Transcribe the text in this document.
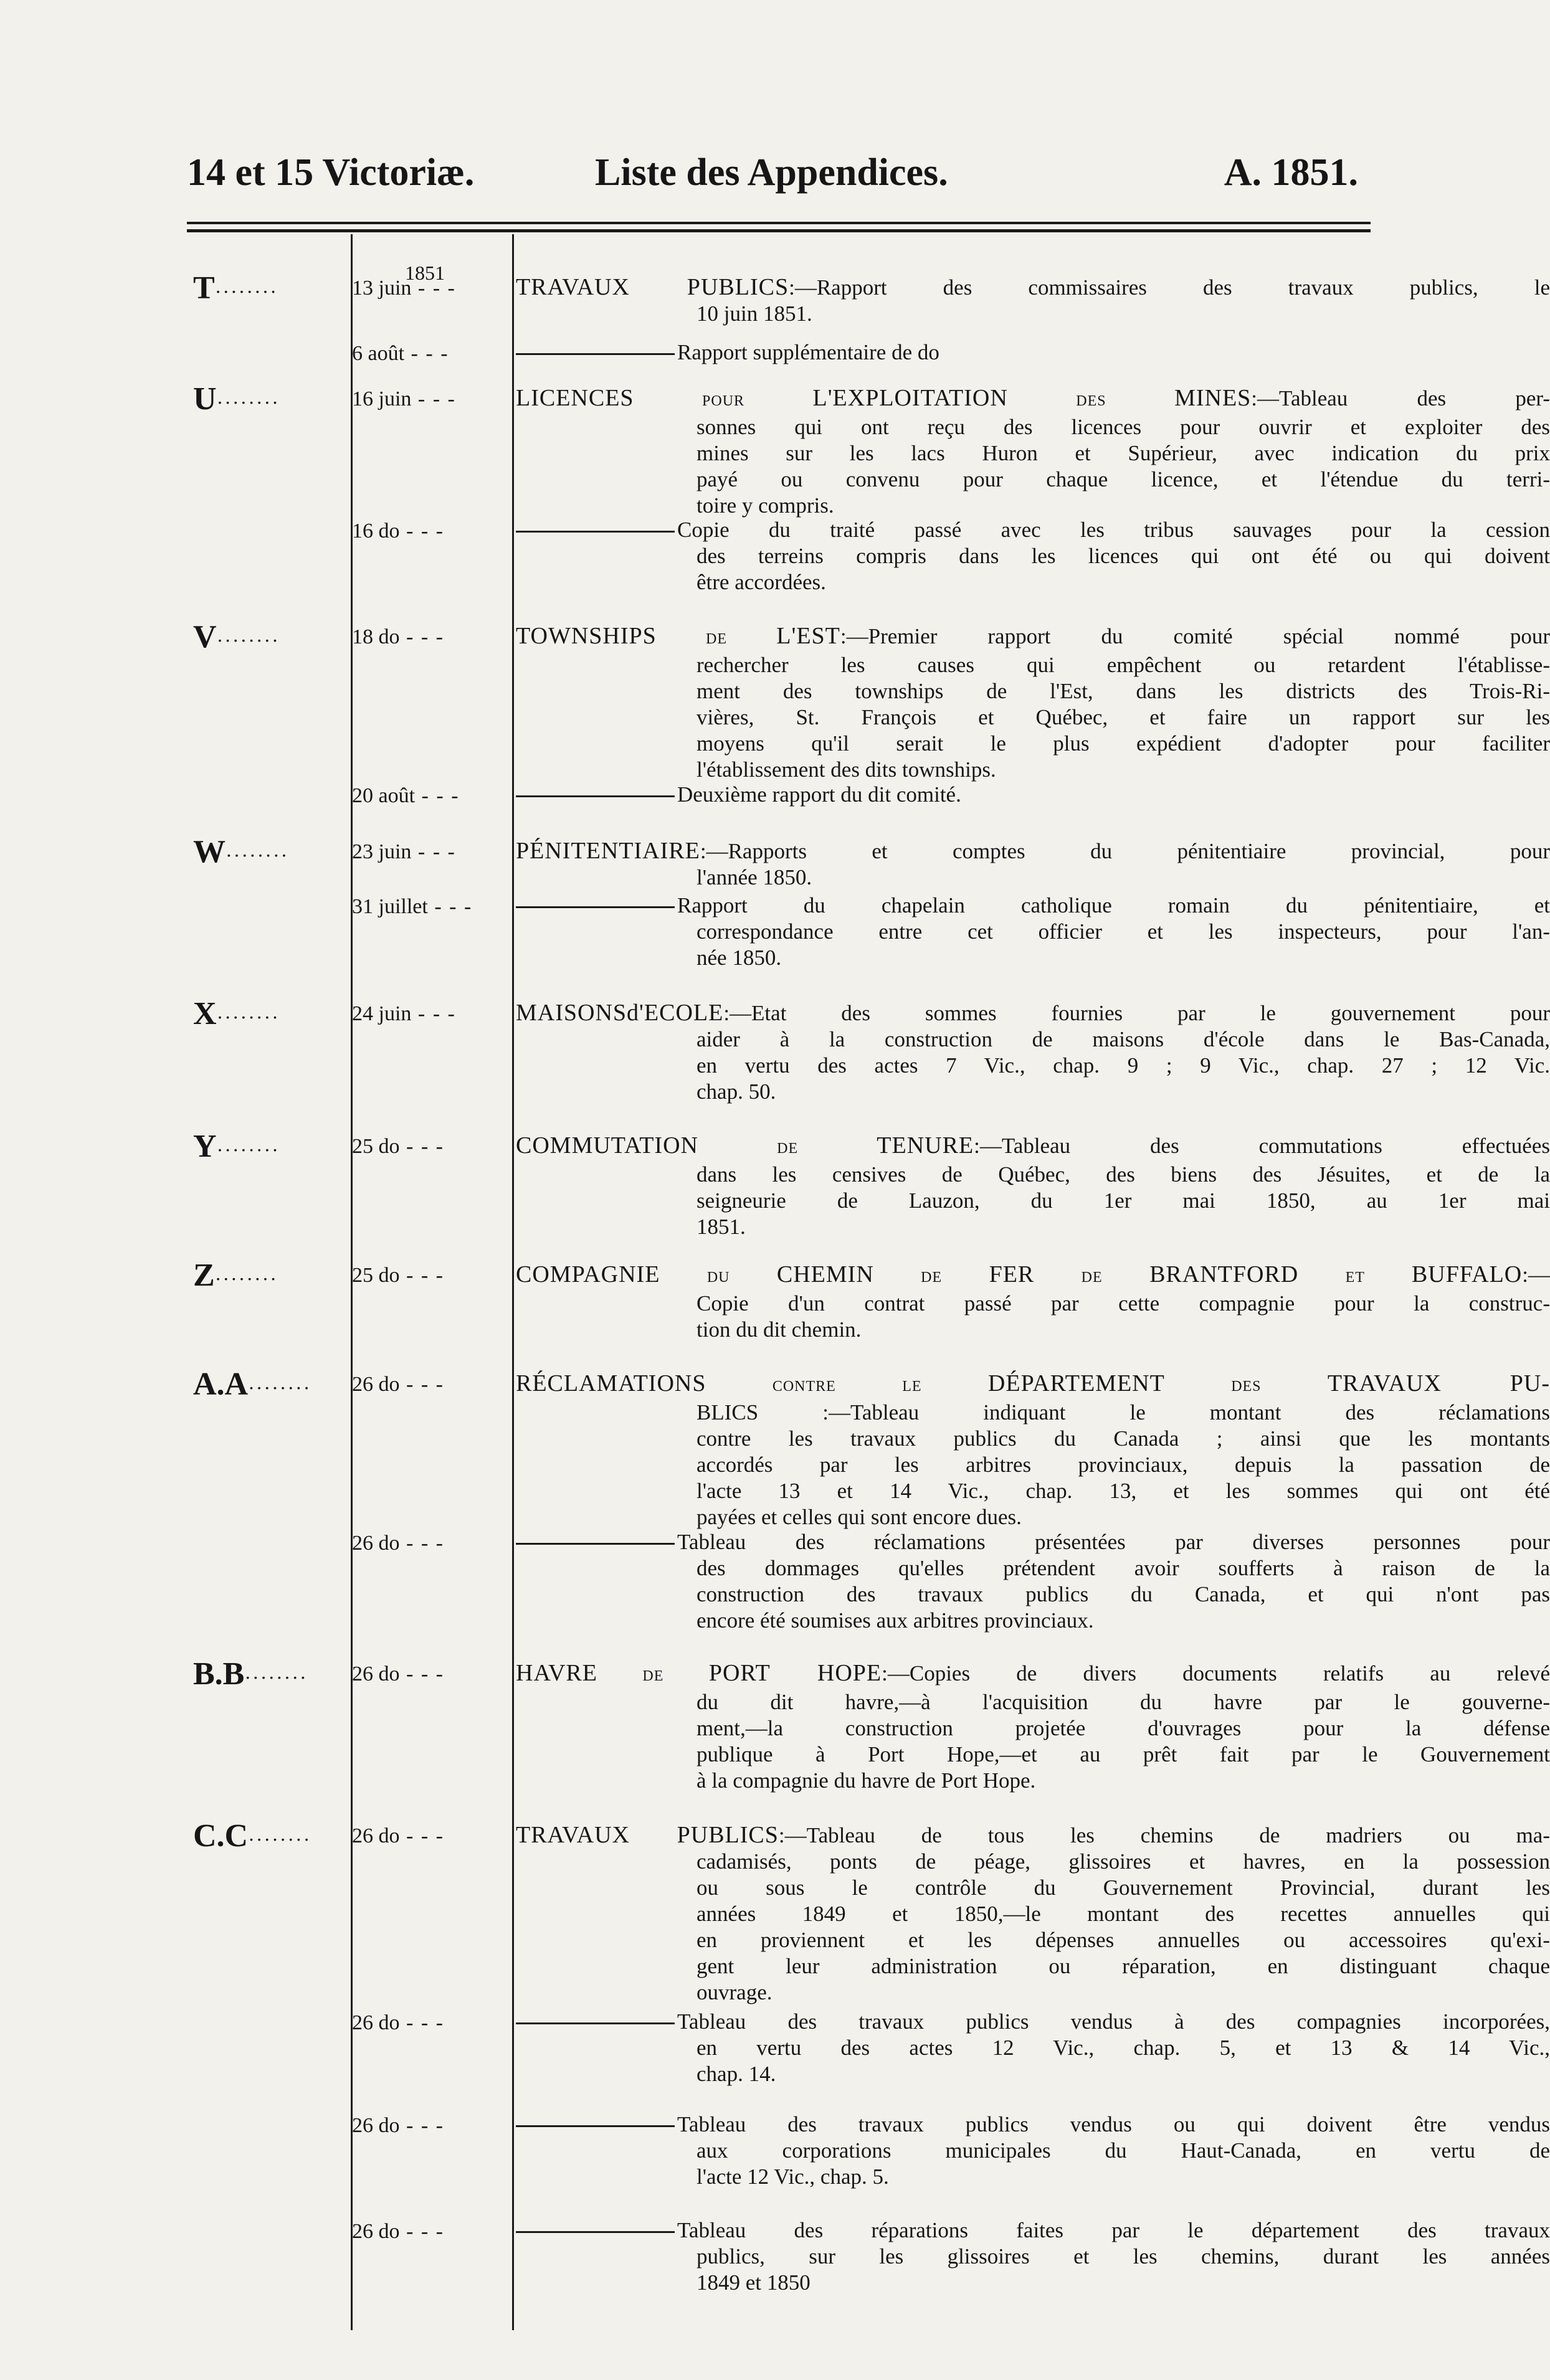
14 et 15 Victoriæ.	Liste des Appendices.	A. 1851.
1851
T········	13 juin - - -	TRAVAUX PUBLICS:—Rapport des commissaires des travaux publics, le
10 juin 1851.
6 août - - -	Rapport supplémentaire de do
U········	16 juin - - -	LICENCES POUR L'EXPLOITATION DES MINES:—Tableau des per-
sonnes qui ont reçu des licences pour ouvrir et exploiter des
mines sur les lacs Huron et Supérieur, avec indication du prix
payé ou convenu pour chaque licence, et l'étendue du terri-
toire y compris.
16 do - - -	Copie du traité passé avec les tribus sauvages pour la cession
des terreins compris dans les licences qui ont été ou qui doivent
être accordées.
V········	18 do - - -	TOWNSHIPS DE L'EST:—Premier rapport du comité spécial nommé pour
rechercher les causes qui empêchent ou retardent l'établisse-
ment des townships de l'Est, dans les districts des Trois-Ri-
vières, St. François et Québec, et faire un rapport sur les
moyens qu'il serait le plus expédient d'adopter pour faciliter
l'établissement des dits townships.
20 août - - -	Deuxième rapport du dit comité.
W········	23 juin - - -	PÉNITENTIAIRE:—Rapports et comptes du pénitentiaire provincial, pour
l'année 1850.
31 juillet - - -	Rapport du chapelain catholique romain du pénitentiaire, et
correspondance entre cet officier et les inspecteurs, pour l'an-
née 1850.
X········	24 juin - - -	MAISONSd'ECOLE:—Etat des sommes fournies par le gouvernement pour
aider à la construction de maisons d'école dans le Bas-Canada,
en vertu des actes 7 Vic., chap. 9 ; 9 Vic., chap. 27 ; 12 Vic.
chap. 50.
Y········	25 do - - -	COMMUTATION DE TENURE:—Tableau des commutations effectuées
dans les censives de Québec, des biens des Jésuites, et de la
seigneurie de Lauzon, du 1er mai 1850, au 1er mai
1851.
Z········	25 do - - -	COMPAGNIE DU CHEMIN DE FER DE BRANTFORD ET BUFFALO:—
Copie d'un contrat passé par cette compagnie pour la construc-
tion du dit chemin.
A.A········ 26 do - - -	RÉCLAMATIONS CONTRE LE DÉPARTEMENT DES TRAVAUX PU-
BLICS :—Tableau indiquant le montant des réclamations
contre les travaux publics du Canada ; ainsi que les montants
accordés par les arbitres provinciaux, depuis la passation de
l'acte 13 et 14 Vic., chap. 13, et les sommes qui ont été
payées et celles qui sont encore dues.
26 do - - -	Tableau des réclamations présentées par diverses personnes pour
des dommages qu'elles prétendent avoir soufferts à raison de la
construction des travaux publics du Canada, et qui n'ont pas
encore été soumises aux arbitres provinciaux.
B.B········ 26 do - - -	HAVRE DE PORT HOPE:—Copies de divers documents relatifs au relevé
du dit havre,—à l'acquisition du havre par le gouverne-
ment,—la construction projetée d'ouvrages pour la défense
publique à Port Hope,—et au prêt fait par le Gouvernement
à la compagnie du havre de Port Hope.
C.C········ 26 do - - -	TRAVAUX PUBLICS:—Tableau de tous les chemins de madriers ou ma-
cadamisés, ponts de péage, glissoires et havres, en la possession
ou sous le contrôle du Gouvernement Provincial, durant les
années 1849 et 1850,—le montant des recettes annuelles qui
en proviennent et les dépenses annuelles ou accessoires qu'exi-
gent leur administration ou réparation, en distinguant chaque
ouvrage.
26 do - - -	Tableau des travaux publics vendus à des compagnies incorporées,
en vertu des actes 12 Vic., chap. 5, et 13 & 14 Vic.,
chap. 14.
26 do - - -	Tableau des travaux publics vendus ou qui doivent être vendus
aux corporations municipales du Haut-Canada, en vertu de
l'acte 12 Vic., chap. 5.
26 do - - -	Tableau des réparations faites par le département des travaux
publics, sur les glissoires et les chemins, durant les années
1849 et 1850
